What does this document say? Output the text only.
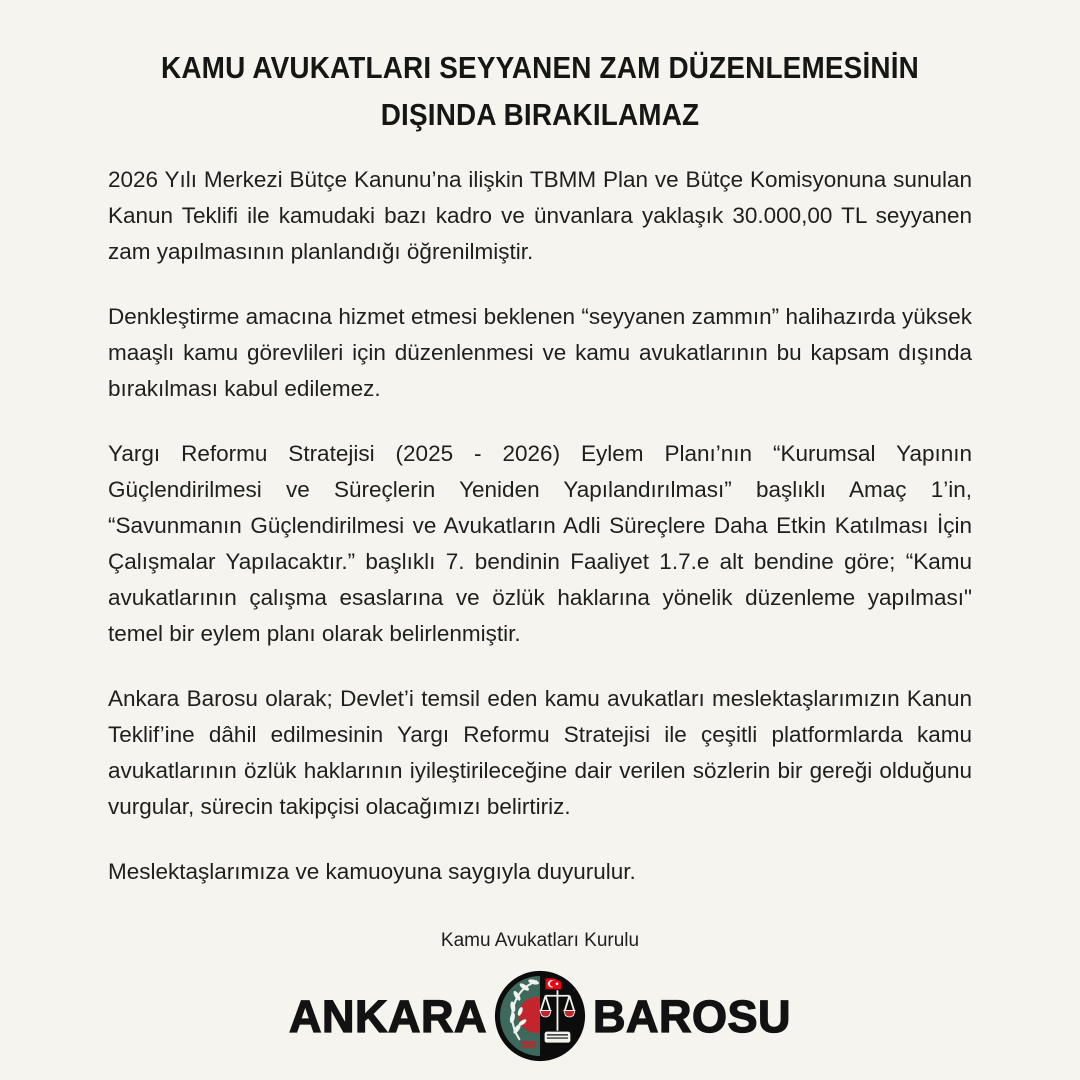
KAMU AVUKATLARI SEYYANEN ZAM DÜZENLEMESİNİN DIŞINDA BIRAKILAMAZ

2026 Yılı Merkezi Bütçe Kanunu’na ilişkin TBMM Plan ve Bütçe Komisyonuna sunulan Kanun Teklifi ile kamudaki bazı kadro ve ünvanlara yaklaşık 30.000,00 TL seyyanen zam yapılmasının planlandığı öğrenilmiştir.

Denkleştirme amacına hizmet etmesi beklenen “seyyanen zammın” halihazırda yüksek maaşlı kamu görevlileri için düzenlenmesi ve kamu avukatlarının bu kapsam dışında bırakılması kabul edilemez.

Yargı Reformu Stratejisi (2025 - 2026) Eylem Planı’nın “Kurumsal Yapının Güçlendirilmesi ve Süreçlerin Yeniden Yapılandırılması” başlıklı Amaç 1’in, “Savunmanın Güçlendirilmesi ve Avukatların Adli Süreçlere Daha Etkin Katılması İçin Çalışmalar Yapılacaktır.” başlıklı 7. bendinin Faaliyet 1.7.e alt bendine göre; “Kamu avukatlarının çalışma esaslarına ve özlük haklarına yönelik düzenleme yapılması" temel bir eylem planı olarak belirlenmiştir.

Ankara Barosu olarak; Devlet’i temsil eden kamu avukatları meslektaşlarımızın Kanun Teklif’ine dâhil edilmesinin Yargı Reformu Stratejisi ile çeşitli platformlarda kamu avukatlarının özlük haklarının iyileştirileceğine dair verilen sözlerin bir gereği olduğunu vurgular, sürecin takipçisi olacağımızı belirtiriz.

Meslektaşlarımıza ve kamuoyuna saygıyla duyurulur.

Kamu Avukatları Kurulu
ANKARA BAROSU
